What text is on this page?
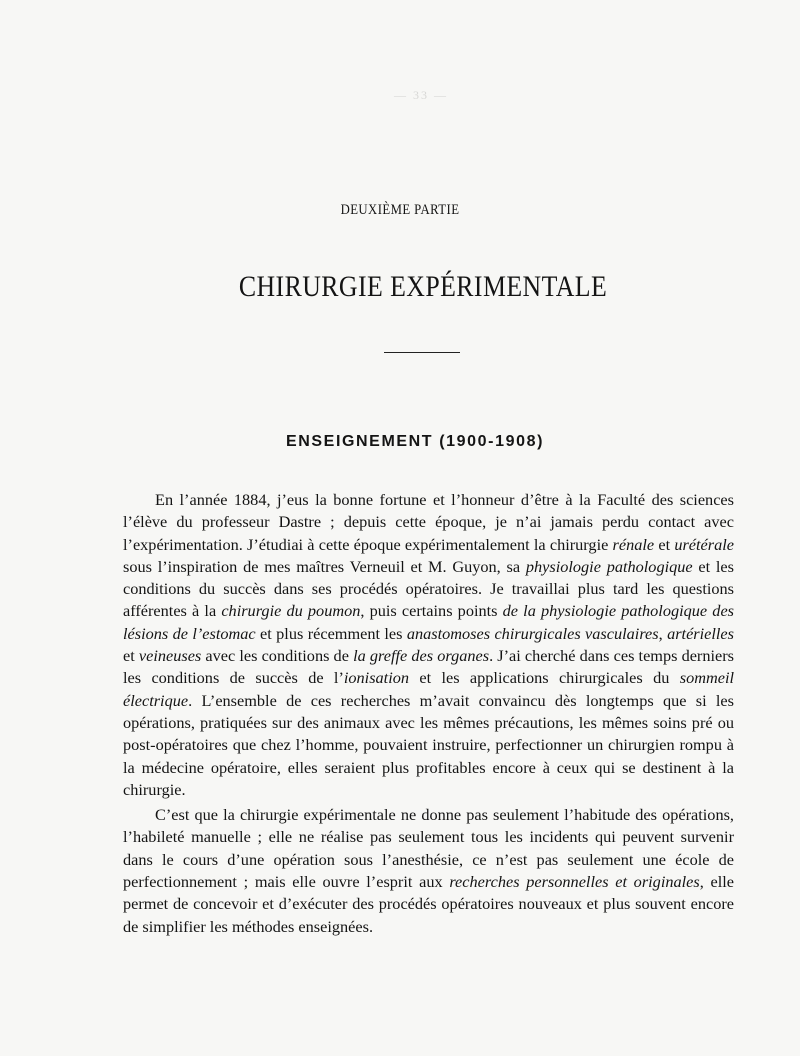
— 33 —
DEUXIÈME PARTIE
CHIRURGIE EXPÉRIMENTALE
ENSEIGNEMENT (1900-1908)

En l’année 1884, j’eus la bonne fortune et l’honneur d’être à la Faculté des sciences l’élève du professeur Dastre ; depuis cette époque, je n’ai jamais perdu contact avec l’expérimentation. J’étudiai à cette époque expérimentalement la chirurgie rénale et urétérale sous l’inspiration de mes maîtres Verneuil et M. Guyon, sa physiologie pathologique et les conditions du succès dans ses procédés opératoires. Je travaillai plus tard les questions afférentes à la chirurgie du poumon, puis certains points de la physiologie pathologique des lésions de l’estomac et plus récemment les anastomoses chirurgicales vasculaires, artérielles et veineuses avec les conditions de la greffe des organes. J’ai cherché dans ces temps derniers les conditions de succès de l’ionisation et les applications chirurgicales du sommeil électrique. L’ensemble de ces recherches m’avait convaincu dès longtemps que si les opérations, pratiquées sur des animaux avec les mêmes précautions, les mêmes soins pré ou post-opératoires que chez l’homme, pouvaient instruire, perfectionner un chirurgien rompu à la médecine opératoire, elles seraient plus profitables encore à ceux qui se destinent à la chirurgie.

C’est que la chirurgie expérimentale ne donne pas seulement l’habitude des opérations, l’habileté manuelle ; elle ne réalise pas seulement tous les incidents qui peuvent survenir dans le cours d’une opération sous l’anesthésie, ce n’est pas seulement une école de perfectionnement ; mais elle ouvre l’esprit aux recherches personnelles et originales, elle permet de concevoir et d’exécuter des procédés opératoires nouveaux et plus souvent encore de simplifier les méthodes enseignées.
